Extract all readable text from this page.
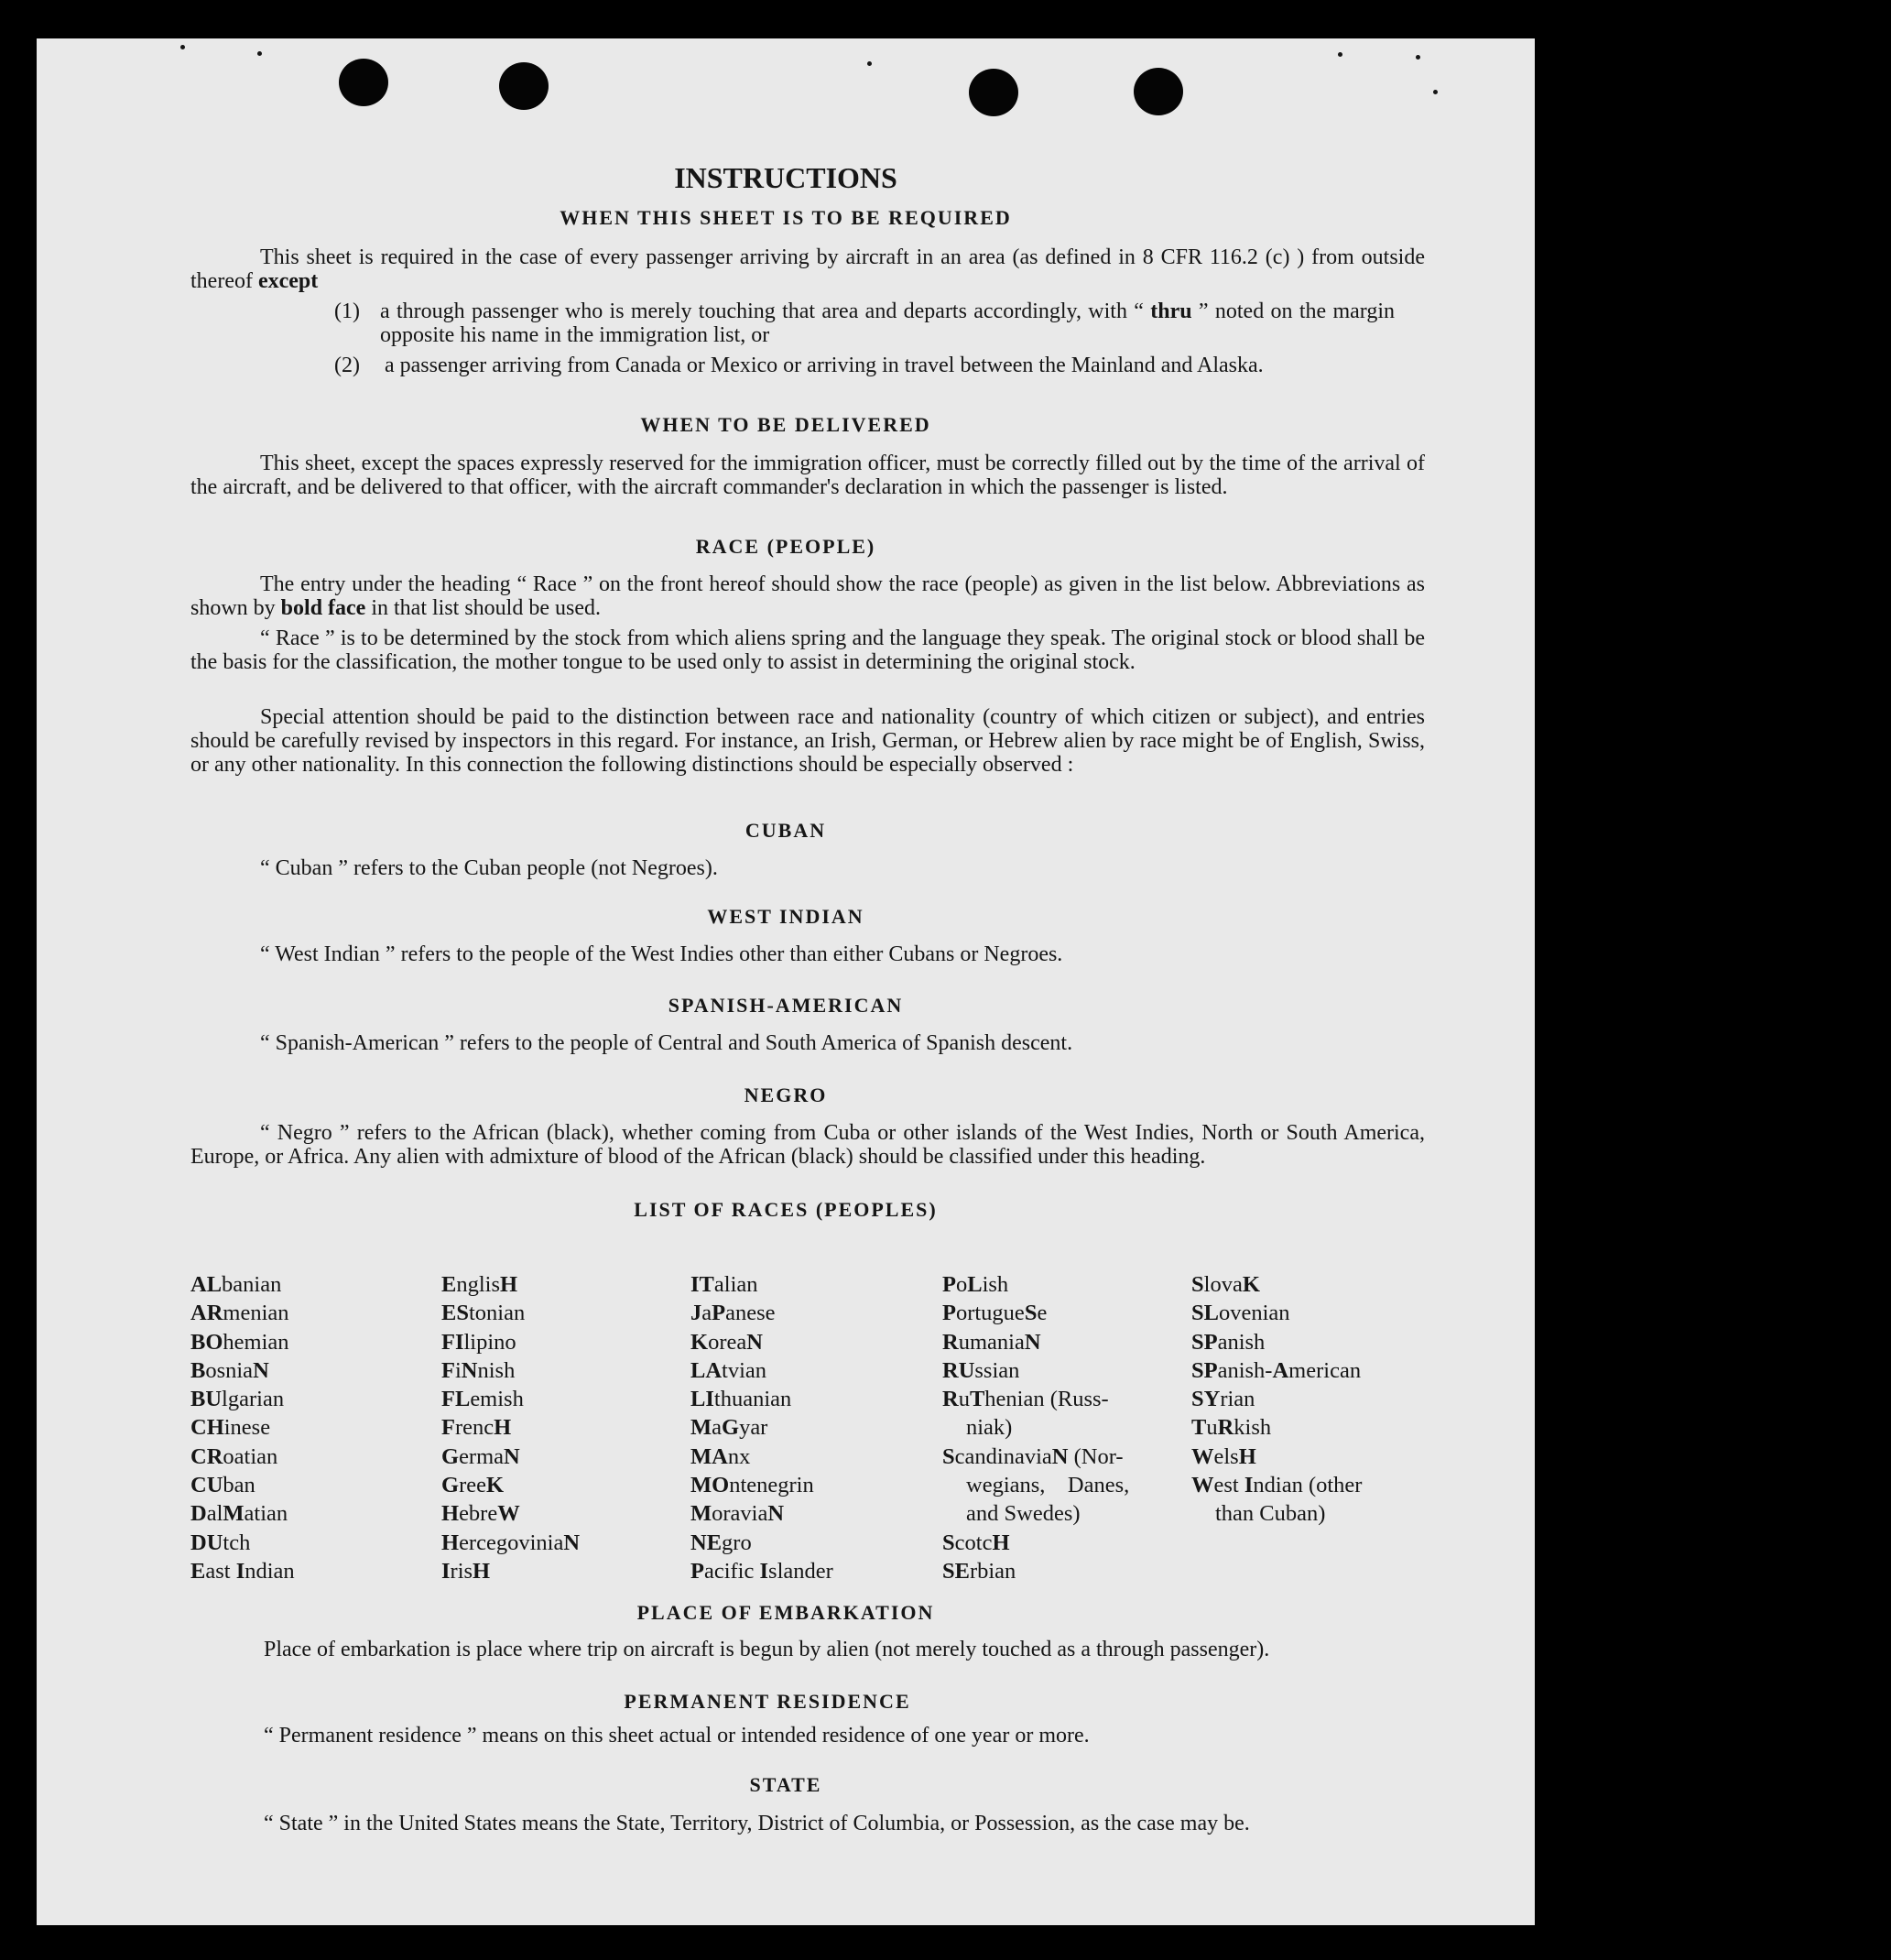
INSTRUCTIONS
WHEN THIS SHEET IS TO BE REQUIRED

This sheet is required in the case of every passenger arriving by aircraft in an area (as defined in 8 CFR 116.2 (c) ) from outside thereof except

(1) a through passenger who is merely touching that area and departs accordingly, with “ thru ” noted on the margin opposite his name in the immigration list, or
(2) a passenger arriving from Canada or Mexico or arriving in travel between the Mainland and Alaska.
WHEN TO BE DELIVERED

This sheet, except the spaces expressly reserved for the immigration officer, must be correctly filled out by the time of the arrival of the aircraft, and be delivered to that officer, with the aircraft commander's declaration in which the passenger is listed.

RACE (PEOPLE)

The entry under the heading “ Race ” on the front hereof should show the race (people) as given in the list below. Abbreviations as shown by bold face in that list should be used.

“ Race ” is to be determined by the stock from which aliens spring and the language they speak. The original stock or blood shall be the basis for the classification, the mother tongue to be used only to assist in determining the original stock.

Special attention should be paid to the distinction between race and nationality (country of which citizen or subject), and entries should be carefully revised by inspectors in this regard. For instance, an Irish, German, or Hebrew alien by race might be of English, Swiss, or any other nationality. In this connection the following distinctions should be especially observed :

CUBAN

“ Cuban ” refers to the Cuban people (not Negroes).

WEST INDIAN

“ West Indian ” refers to the people of the West Indies other than either Cubans or Negroes.

SPANISH-AMERICAN

“ Spanish-American ” refers to the people of Central and South America of Spanish descent.

NEGRO

“ Negro ” refers to the African (black), whether coming from Cuba or other islands of the West Indies, North or South America, Europe, or Africa. Any alien with admixture of blood of the African (black) should be classified under this heading.

LIST OF RACES (PEOPLES)
ALbanian
ARmenian
BOhemian
BosniaN
BUlgarian
CHinese
CRoatian
CUban
DalMatian
DUtch
East Indian
EnglisH
EStonian
FIlipino
FiNnish
FLemish
FrencH
GermaN
GreeK
HebreW
HercegoviniaN
IrisH
ITalian
JaPanese
KoreaN
LAtvian
LIthuanian
MaGyar
MAnx
MOntenegrin
MoraviaN
NEgro
Pacific Islander
PoLish
PortugueSe
RumaniaN
RUssian
RuThenian (Russ-
niak)
ScandinaviaN (Nor-
wegians,    Danes,
and Swedes)
ScotcH
SErbian
SlovaK
SLovenian
SPanish
SPanish-American
SYrian
TuRkish
WelsH
West Indian (other
than Cuban)
PLACE OF EMBARKATION

Place of embarkation is place where trip on aircraft is begun by alien (not merely touched as a through passenger).

PERMANENT RESIDENCE

“ Permanent residence ” means on this sheet actual or intended residence of one year or more.

STATE

“ State ” in the United States means the State, Territory, District of Columbia, or Possession, as the case may be.
